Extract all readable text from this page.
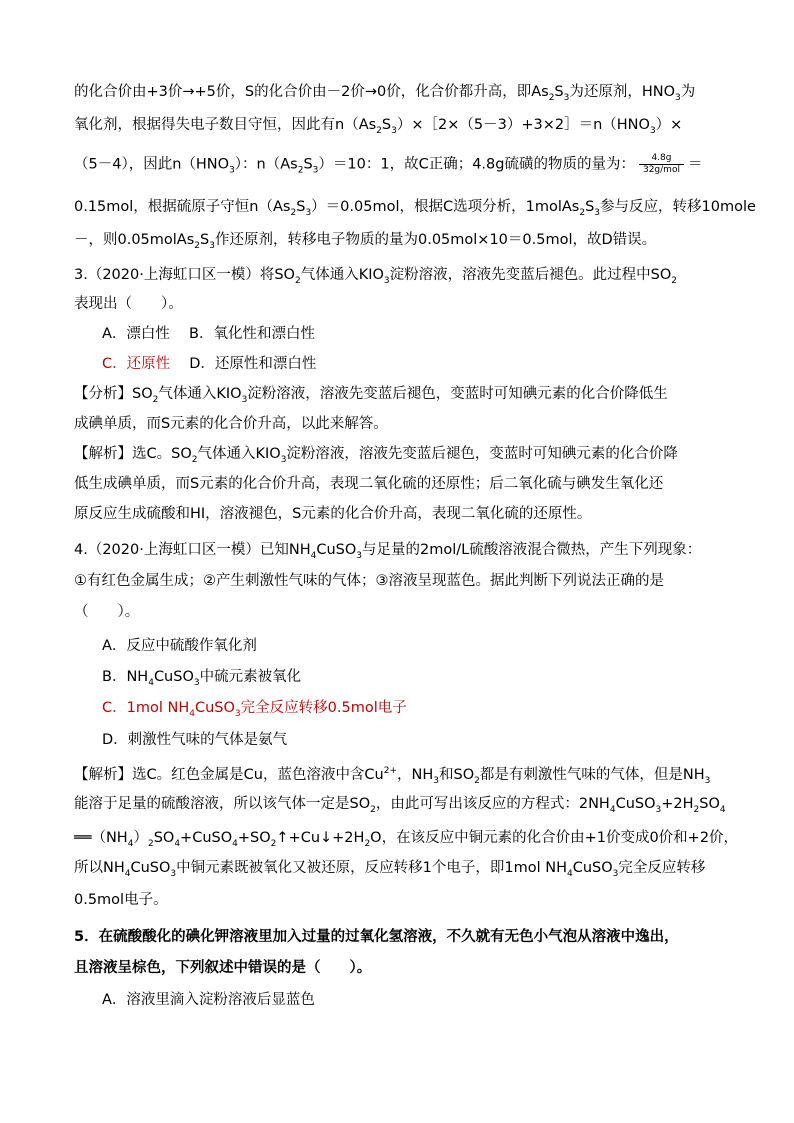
的化合价由+3价→+5价，S的化合价由－2价→0价，化合价都升高，即$As_2S_3$为还原剂，$HNO_3$为
氧化剂，根据得失电子数目守恒，因此有$n(As_2S_3)\times[2\times(5-3)+3\times 2]=n(HNO_3)\times$
（5－4），因此$n(HNO_3)$：$n(As_2S_3)=10$：1，故C正确；4.8g硫磺的物质的量为： $\frac{4.8g}{\text{32g/mol}}$ ＝
0.15mol，根据硫原子守恒$n(As_2S_3)=0.05mol$，根据C选项分析，$1molAs_2S_3$参与反应，转移10mole
－，则$0.05molAs_2S_3$作还原剂，转移电子物质的量为0.05mol×10＝0.5mol，故D错误。
3.（2020·上海虹口区一模）将$SO_2$气体通入$KIO_3$淀粉溶液，溶液先变蓝后褪色。此过程中$SO_2$
表现出（　　）。
A．漂白性　 B．氧化性和漂白性
C．还原性　 D．还原性和漂白性
【分析】$SO_2$气体通入$KIO_3$淀粉溶液，溶液先变蓝后褪色，变蓝时可知碘元素的化合价降低生
成碘单质，而S元素的化合价升高，以此来解答。
【解析】选C。$SO_2$气体通入$KIO_3$淀粉溶液，溶液先变蓝后褪色，变蓝时可知碘元素的化合价降
低生成碘单质，而S元素的化合价升高，表现二氧化硫的还原性；后二氧化硫与碘发生氧化还
原反应生成硫酸和HI，溶液褪色，S元素的化合价升高，表现二氧化硫的还原性。
4.（2020·上海虹口区一模）已知$NH_4CuSO_3$与足量的2mol/L硫酸溶液混合微热，产生下列现象：
①有红色金属生成；②产生刺激性气味的气体；③溶液呈现蓝色。据此判断下列说法正确的是
（　　）。
A．反应中硫酸作氧化剂
B．$NH_4CuSO_3$中硫元素被氧化
C．1mol $NH_4CuSO_3$完全反应转移0.5mol电子
D．刺激性气味的气体是氨气
【解析】选C。红色金属是Cu，蓝色溶液中含$Cu^{2+}$，$NH_3$和$SO_2$都是有刺激性气味的气体，但是$NH_3$
能溶于足量的硫酸溶液，所以该气体一定是$SO_2$，由此可写出该反应的方程式：$2NH_4CuSO_3+2H_2SO_4$
$══(NH_4)_2SO_4+CuSO_4+SO_2↑+Cu↓+2H_2O$，在该反应中铜元素的化合价由+1价变成0价和+2价，
所以$NH_4CuSO_3$中铜元素既被氧化又被还原，反应转移1个电子，即1mol $NH_4CuSO_3$完全反应转移
0.5mol电子。
5．在硫酸酸化的碘化钾溶液里加入过量的过氧化氢溶液，不久就有无色小气泡从溶液中逸出，
且溶液呈棕色，下列叙述中错误的是（　　）。
A．溶液里滴入淀粉溶液后显蓝色
